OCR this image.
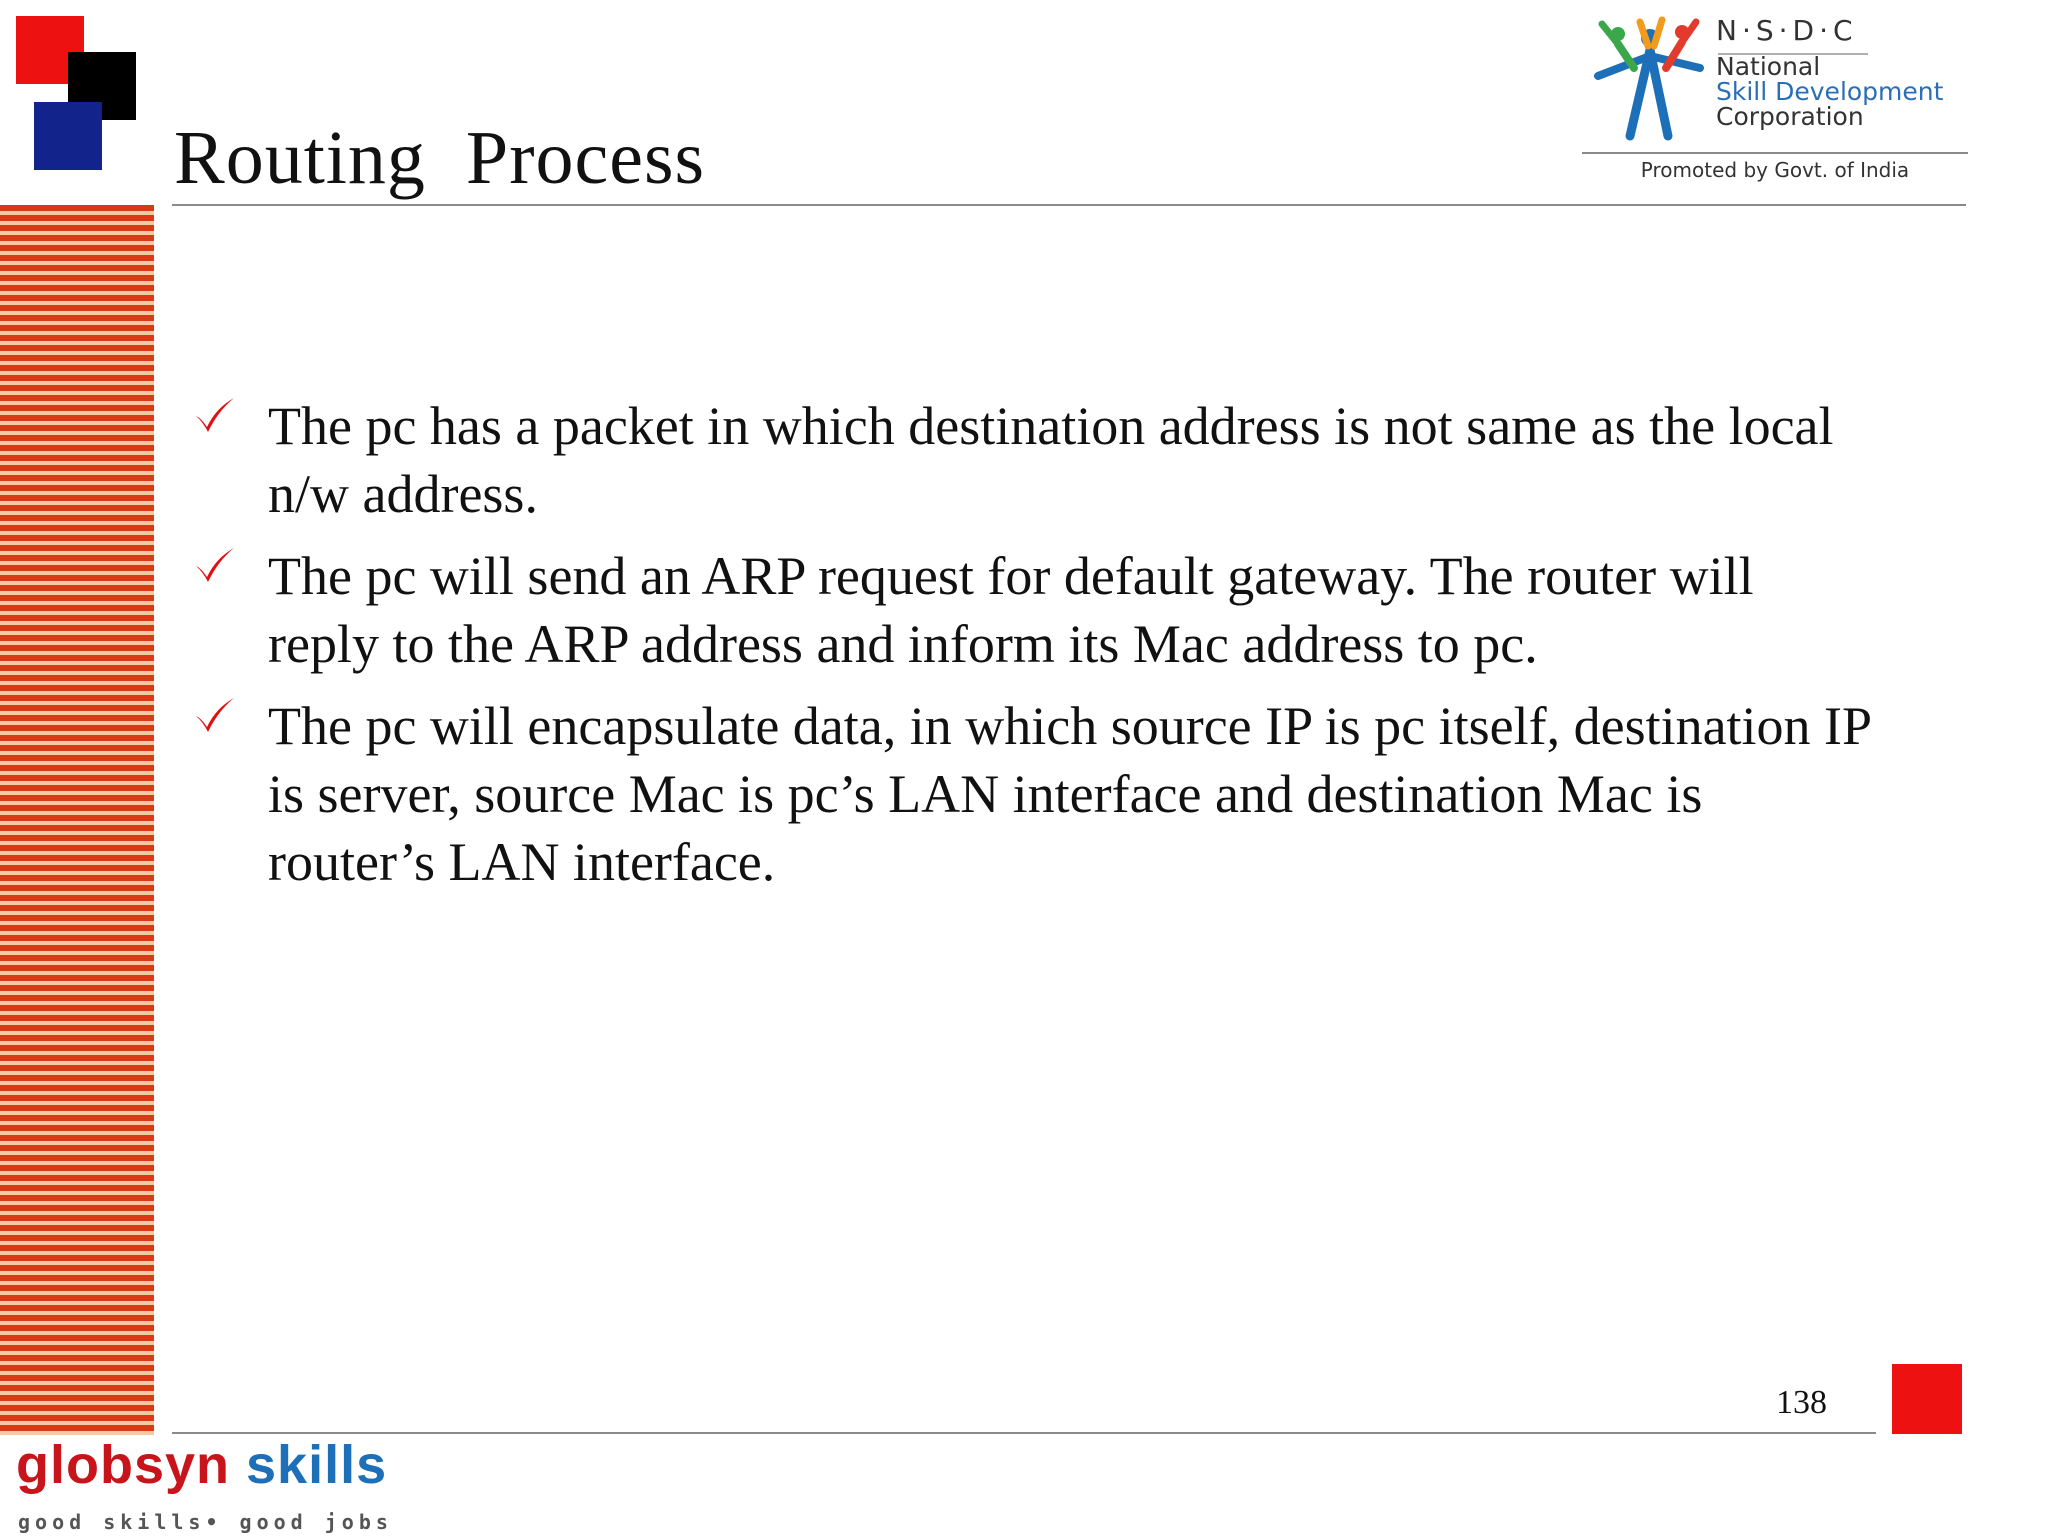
Routing  Process
N·S·D·C
National
Skill Development
Corporation
Promoted by Govt. of India
The pc has a packet in which destination address is not same as the local n/w address.
The pc will send an ARP request for default gateway. The router will reply to the ARP address and inform its Mac address to pc.
The pc will encapsulate data, in which source IP is pc itself, destination IP is server, source Mac is pc’s LAN interface and destination Mac is router’s LAN interface.
138
globsyn skills
good skills• good jobs
